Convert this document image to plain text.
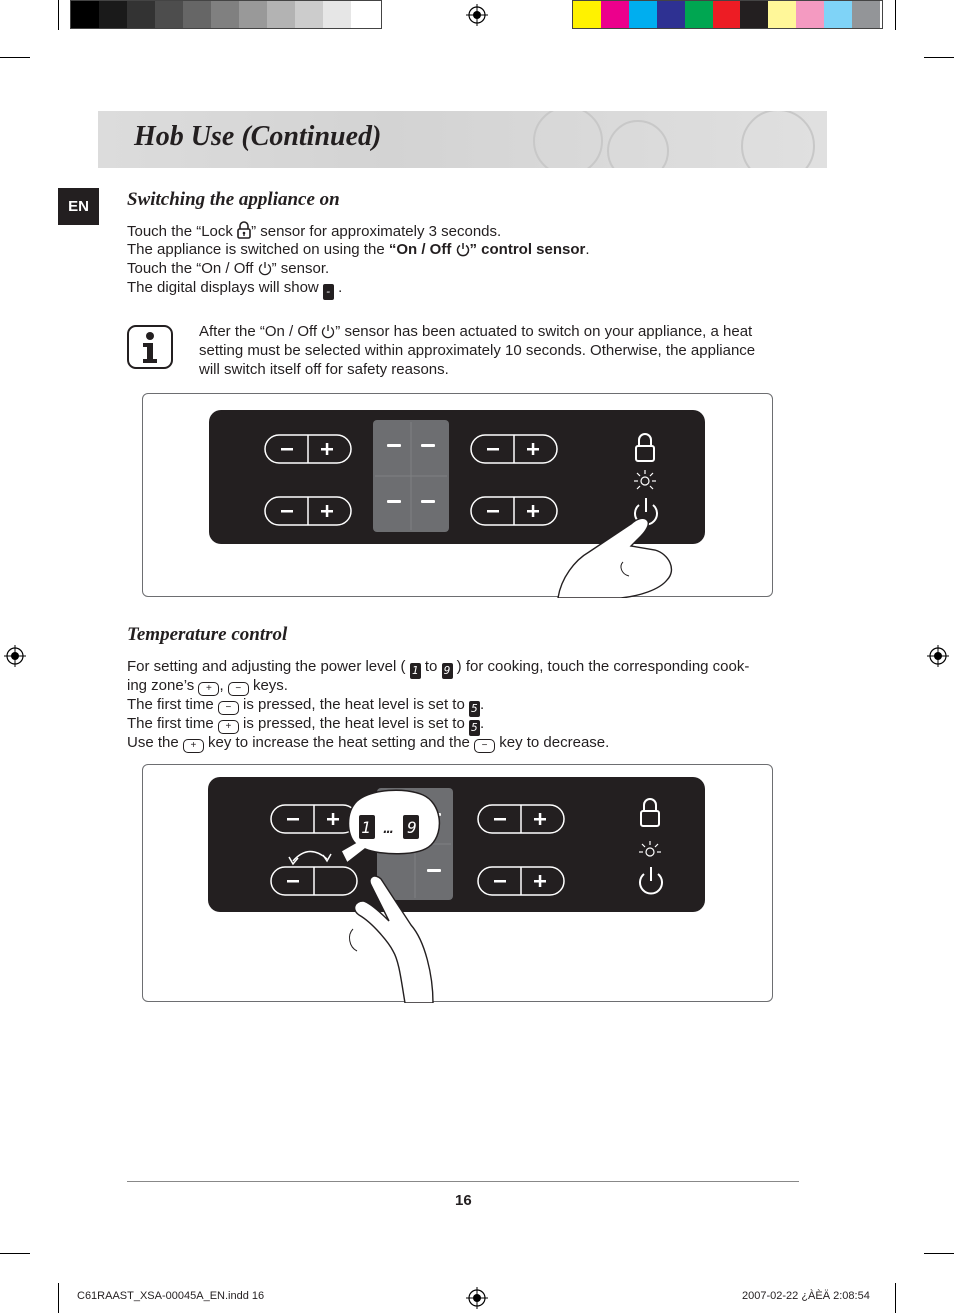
Hob Use (Continued)
EN	Switching the appliance on
Touch the “Lock ” sensor for approximately 3 seconds.
The appliance is switched on using the “On / Off ” control sensor.
Touch the “On / Off ” sensor.
The digital displays will show - .
After the “On / Off ” sensor has been actuated to switch on your appliance, a heat
setting must be selected within approximately 10 seconds. Otherwise, the appliance
will switch itself off for safety reasons.
Temperature control
For setting and adjusting the power level ( 1 to 9 ) for cooking, touch the corresponding cook-
ing zone’s + , − keys.
The first time − is pressed, the heat level is set to 5 .
The first time + is pressed, the heat level is set to 5 .
Use the + key to increase the heat setting and the − key to decrease.
1 … 9
16
C61RAAST_XSA-00045A_EN.indd 16	2007-02-22 ¿ÀÈÄ 2:08:54
